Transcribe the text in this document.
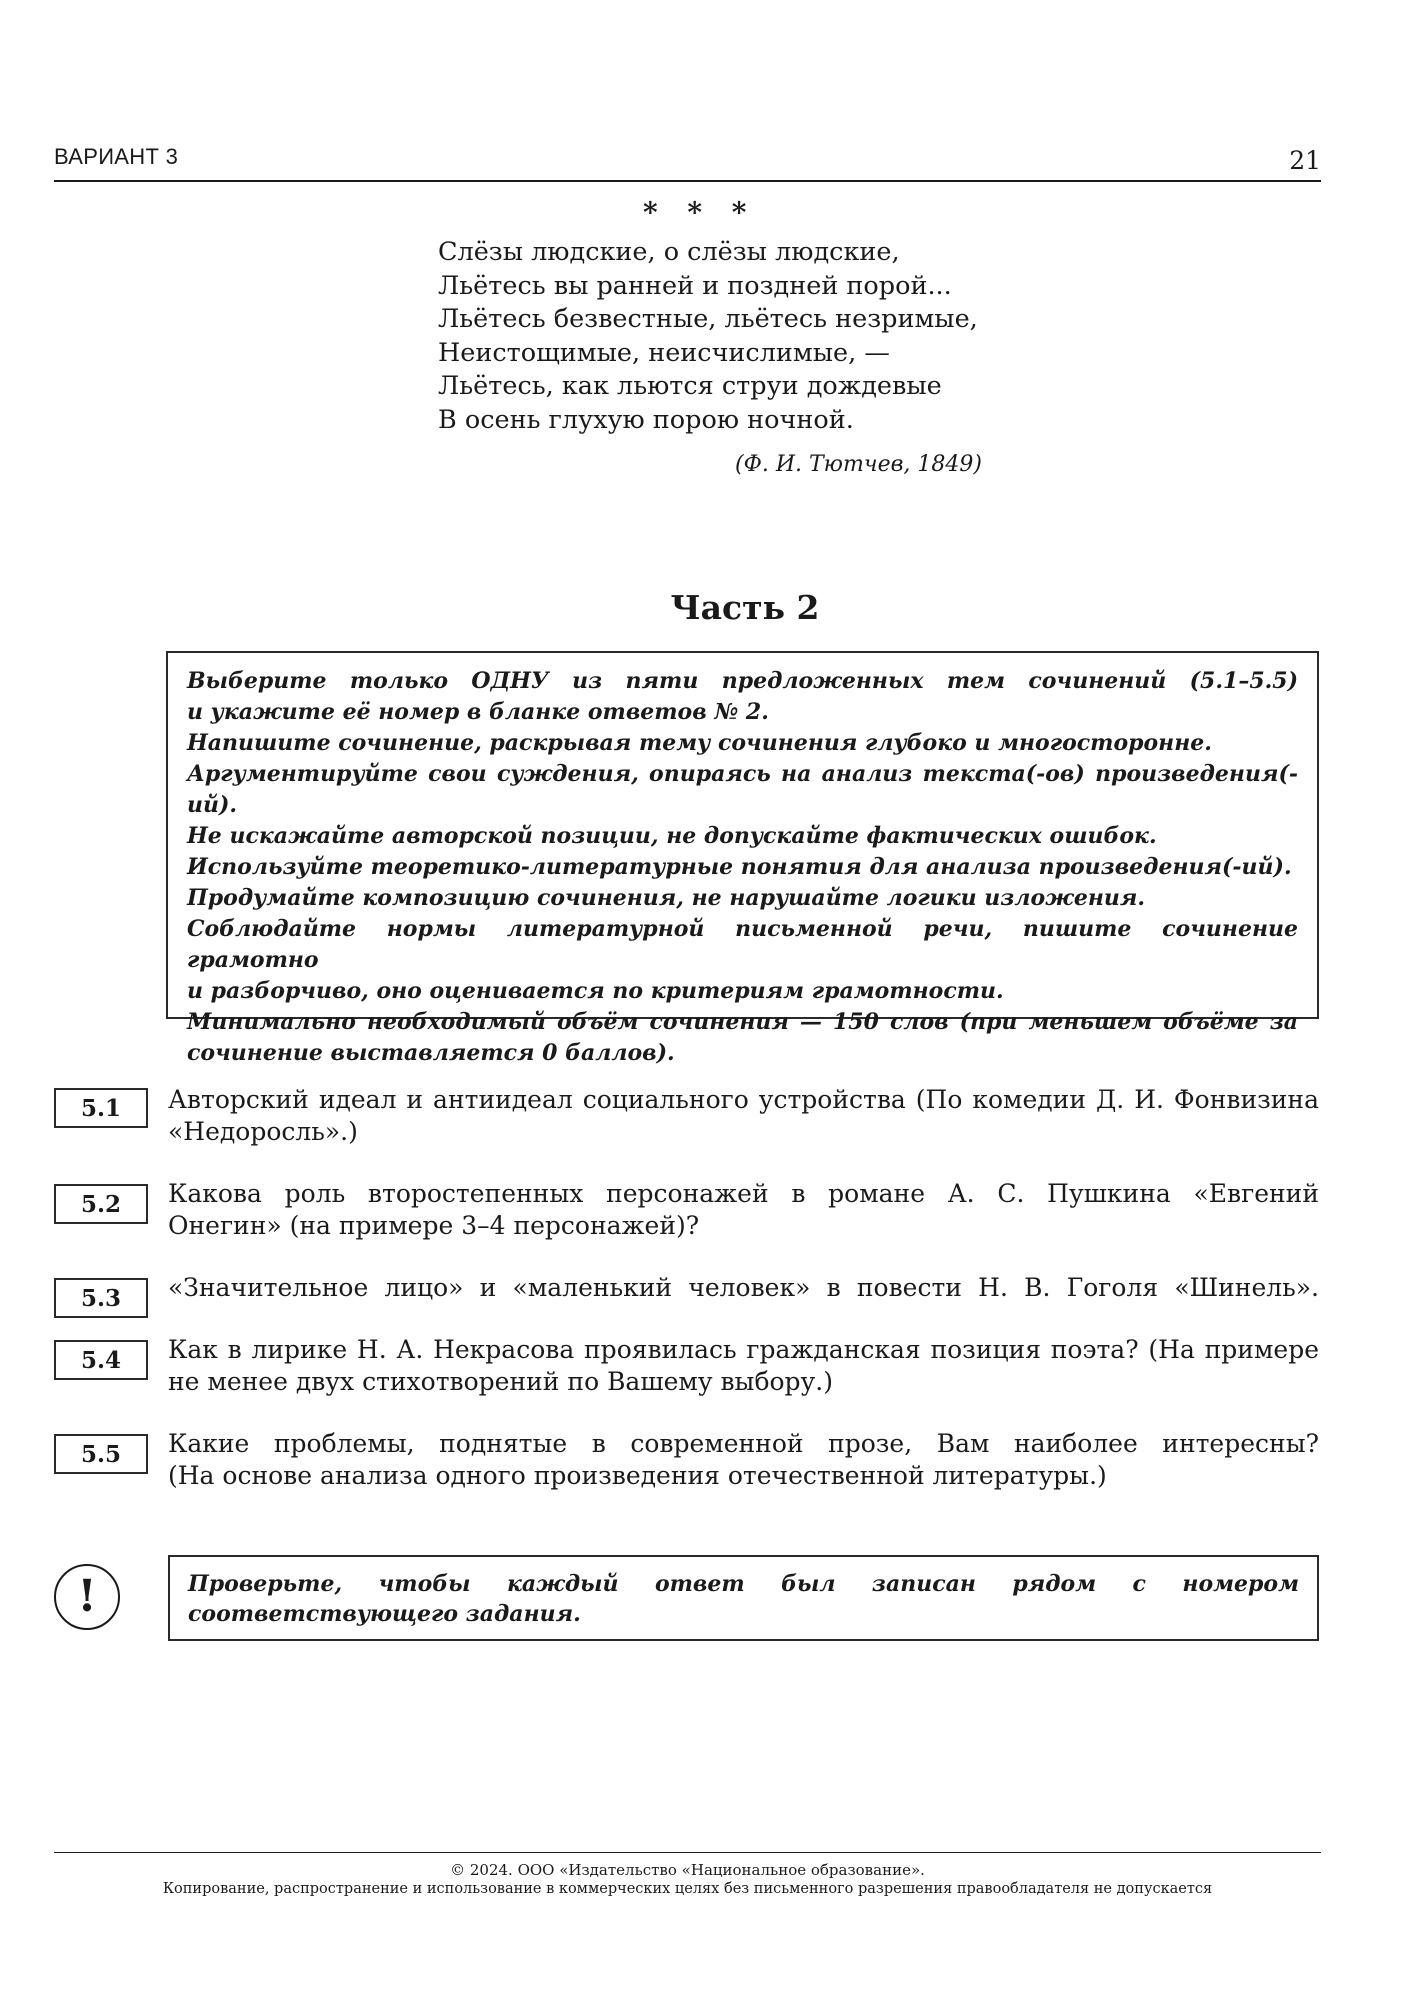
ВАРИАНТ 3	21
* * *
Слёзы людские, о слёзы людские,
Льётесь вы ранней и поздней порой...
Льётесь безвестные, льётесь незримые,
Неистощимые, неисчислимые, —
Льётесь, как льются струи дождевые
В осень глухую порою ночной.
(Ф. И. Тютчев, 1849)
Часть 2
Выберите только ОДНУ из пяти предложенных тем сочинений (5.1–5.5)
и укажите её номер в бланке ответов № 2.
Напишите сочинение, раскрывая тему сочинения глубоко и многосторонне.
Аргументируйте свои суждения, опираясь на анализ текста(-ов) произведения(-ий).
Не искажайте авторской позиции, не допускайте фактических ошибок.
Используйте теоретико-литературные понятия для анализа произведения(-ий).
Продумайте композицию сочинения, не нарушайте логики изложения.
Соблюдайте нормы литературной письменной речи, пишите сочинение грамотно
и разборчиво, оно оценивается по критериям грамотности.
Минимально необходимый объём сочинения — 150 слов (при меньшем объёме за
сочинение выставляется 0 баллов).
5.1	Авторский идеал и антиидеал социального устройства (По комедии Д. И. Фонвизина
«Недоросль».)
5.2	Какова роль второстепенных персонажей в романе А. С. Пушкина «Евгений
Онегин» (на примере 3–4 персонажей)?
5.3	«Значительное лицо» и «маленький человек» в повести Н. В. Гоголя «Шинель».
5.4	Как в лирике Н. А. Некрасова проявилась гражданская позиция поэта? (На примере
не менее двух стихотворений по Вашему выбору.)
5.5	Какие проблемы, поднятые в современной прозе, Вам наиболее интересны?
(На основе анализа одного произведения отечественной литературы.)
!	Проверьте, чтобы каждый ответ был записан рядом с номером
соответствующего задания.
© 2024. ООО «Издательство «Национальное образование».
Копирование, распространение и использование в коммерческих целях без письменного разрешения правообладателя не допускается
